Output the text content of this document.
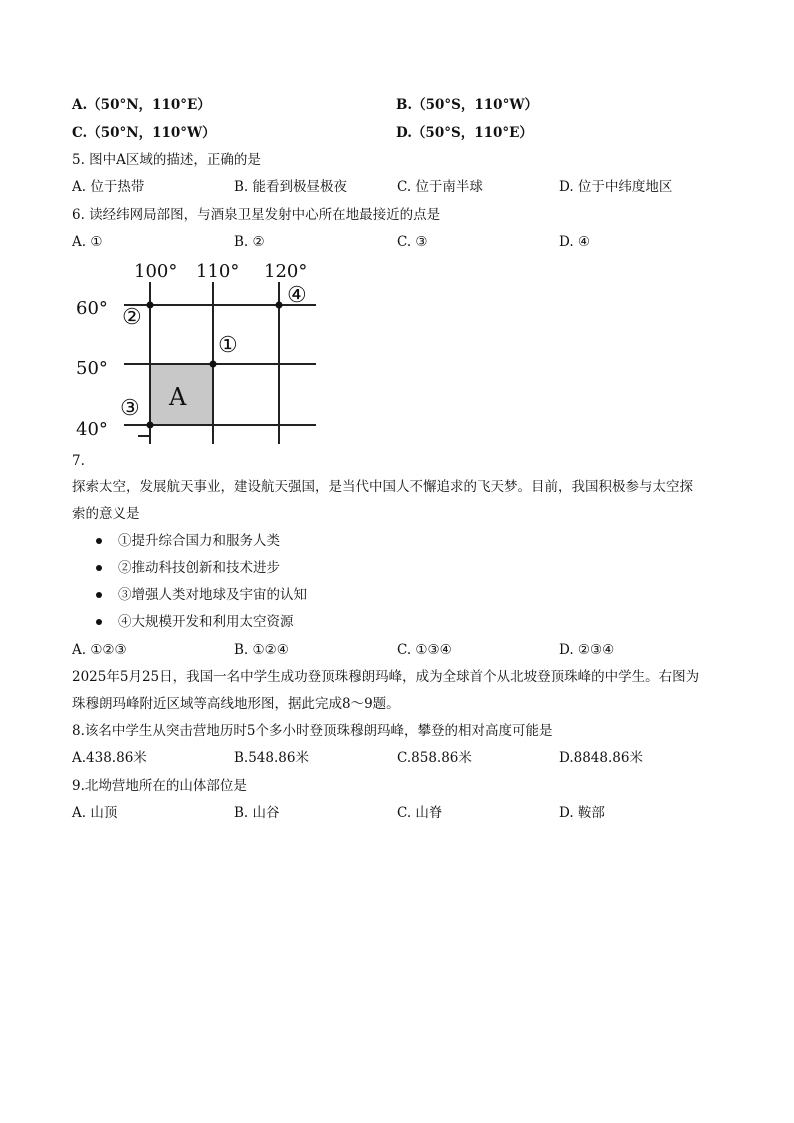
A.（50°N，110°E）	B.（50°S，110°W）
C.（50°N，110°W）	D.（50°S，110°E）
5. 图中A区域的描述，正确的是
A. 位于热带	B. 能看到极昼极夜	C. 位于南半球	D. 位于中纬度地区
6. 读经纬网局部图，与酒泉卫星发射中心所在地最接近的点是
A. ①	B. ②	C. ③	D. ④
100° 110° 120°
60°
50°
40°
①
②
③
④
A
7.
探索太空，发展航天事业，建设航天强国，是当代中国人不懈追求的飞天梦。目前，我国积极参与太空探
索的意义是
①提升综合国力和服务人类
②推动科技创新和技术进步
③增强人类对地球及宇宙的认知
④大规模开发和利用太空资源
A. ①②③	B. ①②④	C. ①③④	D. ②③④
2025年5月25日，我国一名中学生成功登顶珠穆朗玛峰，成为全球首个从北坡登顶珠峰的中学生。右图为
珠穆朗玛峰附近区域等高线地形图，据此完成8～9题。
8.该名中学生从突击营地历时5个多小时登顶珠穆朗玛峰，攀登的相对高度可能是
A.438.86米	B.548.86米	C.858.86米	D.8848.86米
9.北坳营地所在的山体部位是
A. 山顶	B. 山谷	C. 山脊	D. 鞍部
